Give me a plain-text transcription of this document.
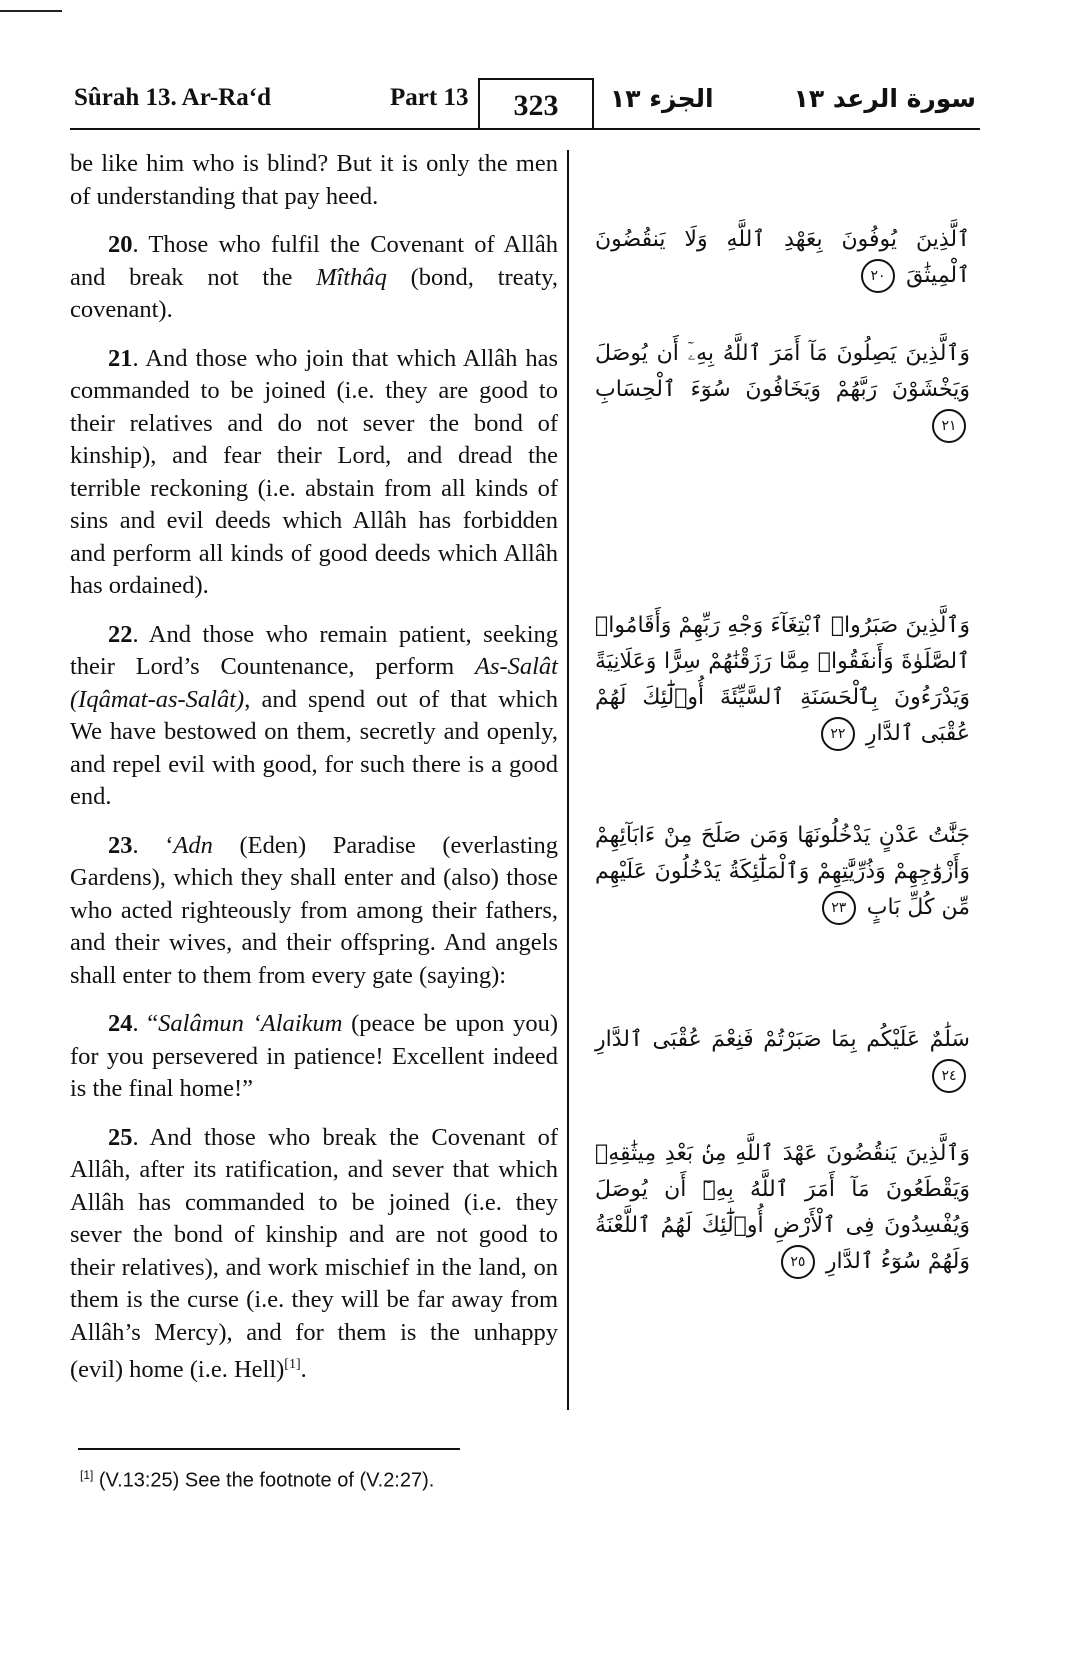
Sûrah 13. Ar-Ra‘d	Part 13	323	الجزء ١٣	سورة الرعد ١٣

be like him who is blind? But it is only the men of understanding that pay heed.

20. Those who fulfil the Covenant of Allâh and break not the Mîthâq (bond, treaty, covenant).

21. And those who join that which Allâh has commanded to be joined (i.e. they are good to their relatives and do not sever the bond of kinship), and fear their Lord, and dread the terrible reckoning (i.e. abstain from all kinds of sins and evil deeds which Allâh has forbidden and perform all kinds of good deeds which Allâh has ordained).

22. And those who remain patient, seeking their Lord’s Countenance, perform As-Salât (Iqâmat-as-Salât), and spend out of that which We have bestowed on them, secretly and openly, and repel evil with good, for such there is a good end.

23. ‘Adn (Eden) Paradise (everlasting Gardens), which they shall enter and (also) those who acted righteously from among their fathers, and their wives, and their offspring. And angels shall enter to them from every gate (saying):

24. “Salâmun ‘Alaikum (peace be upon you) for you persevered in patience! Excellent indeed is the final home!”

25. And those who break the Covenant of Allâh, after its ratification, and sever that which Allâh has commanded to be joined (i.e. they sever the bond of kinship and are not good to their relatives), and work mischief in the land, on them is the curse (i.e. they will be far away from Allâh’s Mercy), and for them is the unhappy (evil) home (i.e. Hell)[1].

ٱلَّذِينَ يُوفُونَ بِعَهْدِ ٱللَّهِ وَلَا يَنقُضُونَ ٱلْمِيثَٰقَ ٢٠
وَٱلَّذِينَ يَصِلُونَ مَآ أَمَرَ ٱللَّهُ بِهِۦٓ أَن يُوصَلَ وَيَخْشَوْنَ رَبَّهُمْ وَيَخَافُونَ سُوٓءَ ٱلْحِسَابِ ٢١
وَٱلَّذِينَ صَبَرُوا۟ ٱبْتِغَآءَ وَجْهِ رَبِّهِمْ وَأَقَامُوا۟ ٱلصَّلَوٰةَ وَأَنفَقُوا۟ مِمَّا رَزَقْنَٰهُمْ سِرًّا وَعَلَانِيَةً وَيَدْرَءُونَ بِٱلْحَسَنَةِ ٱلسَّيِّئَةَ أُو۟لَٰٓئِكَ لَهُمْ عُقْبَى ٱلدَّارِ ٢٢
جَنَّٰتُ عَدْنٍ يَدْخُلُونَهَا وَمَن صَلَحَ مِنْ ءَابَآئِهِمْ وَأَزْوَٰجِهِمْ وَذُرِّيَّٰتِهِمْ وَٱلْمَلَٰٓئِكَةُ يَدْخُلُونَ عَلَيْهِم مِّن كُلِّ بَابٍ ٢٣
سَلَٰمٌ عَلَيْكُم بِمَا صَبَرْتُمْ فَنِعْمَ عُقْبَى ٱلدَّارِ ٢٤
وَٱلَّذِينَ يَنقُضُونَ عَهْدَ ٱللَّهِ مِنۢ بَعْدِ مِيثَٰقِهِۦ وَيَقْطَعُونَ مَآ أَمَرَ ٱللَّهُ بِهِۦٓ أَن يُوصَلَ وَيُفْسِدُونَ فِى ٱلْأَرْضِ أُو۟لَٰٓئِكَ لَهُمُ ٱللَّعْنَةُ وَلَهُمْ سُوٓءُ ٱلدَّارِ ٢٥
[1] (V.13:25) See the footnote of (V.2:27).
